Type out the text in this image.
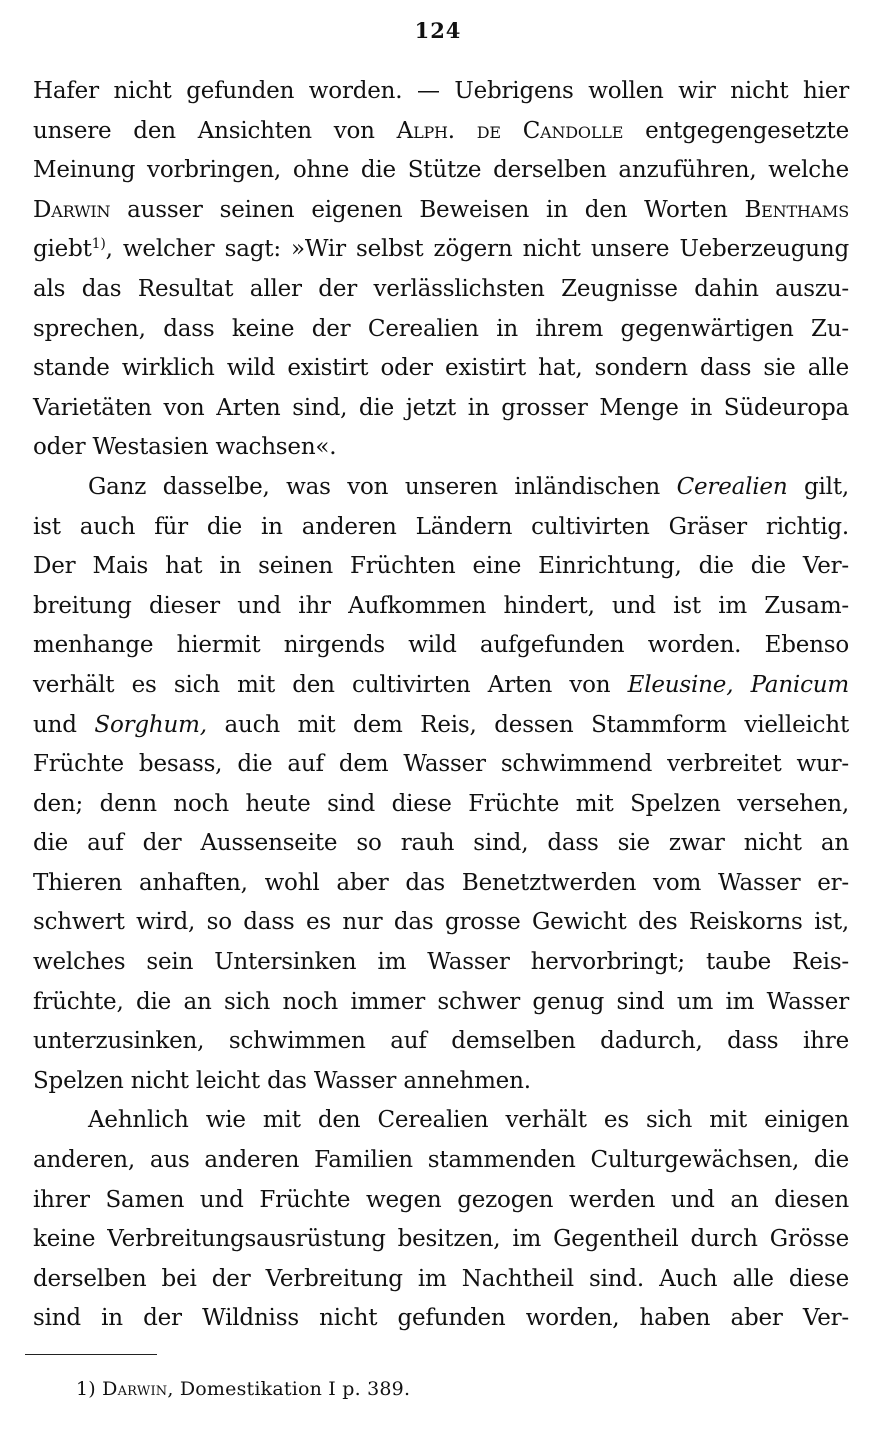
124
Hafer nicht gefunden worden. — Uebrigens wollen wir nicht hier
unsere den Ansichten von Alph. de Candolle entgegengesetzte
Meinung vorbringen, ohne die Stütze derselben anzuführen, welche
Darwin ausser seinen eigenen Beweisen in den Worten Benthams
giebt$^{1)}$, welcher sagt: »Wir selbst zögern nicht unsere Ueberzeugung
als das Resultat aller der verlässlichsten Zeugnisse dahin auszu-
sprechen, dass keine der Cerealien in ihrem gegenwärtigen Zu-
stande wirklich wild existirt oder existirt hat, sondern dass sie alle
Varietäten von Arten sind, die jetzt in grosser Menge in Südeuropa
oder Westasien wachsen«.
Ganz dasselbe, was von unseren inländischen Cerealien gilt,
ist auch für die in anderen Ländern cultivirten Gräser richtig.
Der Mais hat in seinen Früchten eine Einrichtung, die die Ver-
breitung dieser und ihr Aufkommen hindert, und ist im Zusam-
menhange hiermit nirgends wild aufgefunden worden. Ebenso
verhält es sich mit den cultivirten Arten von Eleusine, Panicum
und Sorghum, auch mit dem Reis, dessen Stammform vielleicht
Früchte besass, die auf dem Wasser schwimmend verbreitet wur-
den; denn noch heute sind diese Früchte mit Spelzen versehen,
die auf der Aussenseite so rauh sind, dass sie zwar nicht an
Thieren anhaften, wohl aber das Benetztwerden vom Wasser er-
schwert wird, so dass es nur das grosse Gewicht des Reiskorns ist,
welches sein Untersinken im Wasser hervorbringt; taube Reis-
früchte, die an sich noch immer schwer genug sind um im Wasser
unterzusinken, schwimmen auf demselben dadurch, dass ihre
Spelzen nicht leicht das Wasser annehmen.
Aehnlich wie mit den Cerealien verhält es sich mit einigen
anderen, aus anderen Familien stammenden Culturgewächsen, die
ihrer Samen und Früchte wegen gezogen werden und an diesen
keine Verbreitungsausrüstung besitzen, im Gegentheil durch Grösse
derselben bei der Verbreitung im Nachtheil sind. Auch alle diese
sind in der Wildniss nicht gefunden worden, haben aber Ver-
1) Darwin, Domestikation I p. 389.
